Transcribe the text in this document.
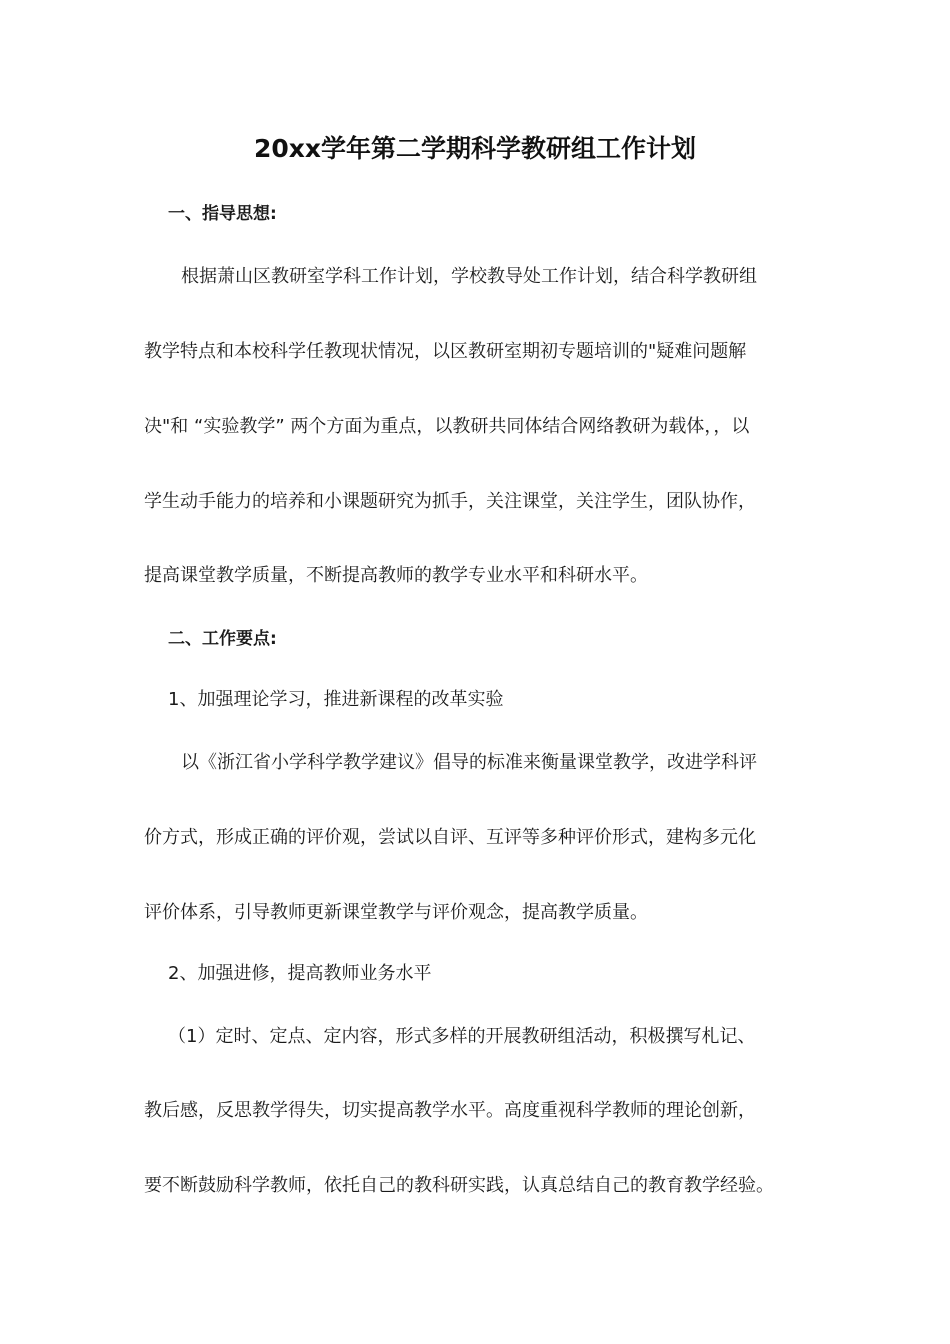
20xx学年第二学期科学教研组工作计划
一、指导思想:
根据萧山区教研室学科工作计划，学校教导处工作计划，结合科学教研组
教学特点和本校科学任教现状情况，以区教研室期初专题培训的"疑难问题解
决"和 “实验教学” 两个方面为重点，以教研共同体结合网络教研为载体，，以
学生动手能力的培养和小课题研究为抓手，关注课堂，关注学生，团队协作，
提高课堂教学质量，不断提高教师的教学专业水平和科研水平。
二、工作要点:
1、加强理论学习，推进新课程的改革实验
以《浙江省小学科学教学建议》倡导的标准来衡量课堂教学，改进学科评
价方式，形成正确的评价观，尝试以自评、互评等多种评价形式，建构多元化
评价体系，引导教师更新课堂教学与评价观念，提高教学质量。
2、加强进修，提高教师业务水平
（1）定时、定点、定内容，形式多样的开展教研组活动，积极撰写札记、
教后感，反思教学得失，切实提高教学水平。高度重视科学教师的理论创新，
要不断鼓励科学教师，依托自己的教科研实践，认真总结自己的教育教学经验。
